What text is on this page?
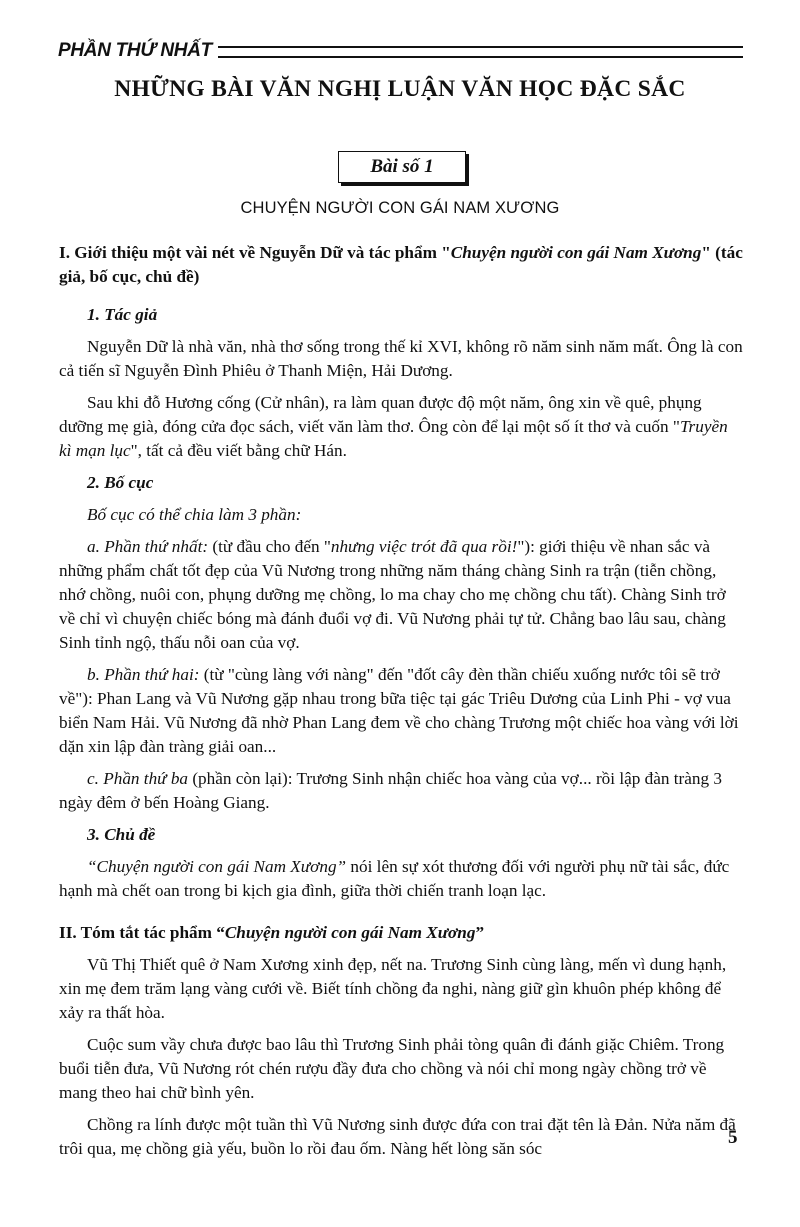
PHẦN THỨ NHẤT
NHỮNG BÀI VĂN NGHỊ LUẬN VĂN HỌC ĐẶC SẮC
Bài số 1
CHUYỆN NGƯỜI CON GÁI NAM XƯƠNG

I. Giới thiệu một vài nét về Nguyễn Dữ và tác phẩm "Chuyện người con gái Nam Xương" (tác giả, bố cục, chủ đề)

1. Tác giả

Nguyễn Dữ là nhà văn, nhà thơ sống trong thế kỉ XVI, không rõ năm sinh năm mất. Ông là con cả tiến sĩ Nguyễn Đình Phiêu ở Thanh Miện, Hải Dương.

Sau khi đỗ Hương cống (Cử nhân), ra làm quan được độ một năm, ông xin về quê, phụng dưỡng mẹ già, đóng cửa đọc sách, viết văn làm thơ. Ông còn để lại một số ít thơ và cuốn "Truyền kì mạn lục", tất cả đều viết bằng chữ Hán.

2. Bố cục

Bố cục có thể chia làm 3 phần:

a. Phần thứ nhất: (từ đầu cho đến "nhưng việc trót đã qua rồi!"): giới thiệu về nhan sắc và những phẩm chất tốt đẹp của Vũ Nương trong những năm tháng chàng Sinh ra trận (tiễn chồng, nhớ chồng, nuôi con, phụng dưỡng mẹ chồng, lo ma chay cho mẹ chồng chu tất). Chàng Sinh trở về chỉ vì chuyện chiếc bóng mà đánh đuổi vợ đi. Vũ Nương phải tự tử. Chẳng bao lâu sau, chàng Sinh tỉnh ngộ, thấu nỗi oan của vợ.

b. Phần thứ hai: (từ "cùng làng với nàng" đến "đốt cây đèn thần chiếu xuống nước tôi sẽ trở về"): Phan Lang và Vũ Nương gặp nhau trong bữa tiệc tại gác Triêu Dương của Linh Phi - vợ vua biển Nam Hải. Vũ Nương đã nhờ Phan Lang đem về cho chàng Trương một chiếc hoa vàng với lời dặn xin lập đàn tràng giải oan...

c. Phần thứ ba (phần còn lại): Trương Sinh nhận chiếc hoa vàng của vợ... rồi lập đàn tràng 3 ngày đêm ở bến Hoàng Giang.

3. Chủ đề

“Chuyện người con gái Nam Xương” nói lên sự xót thương đối với người phụ nữ tài sắc, đức hạnh mà chết oan trong bi kịch gia đình, giữa thời chiến tranh loạn lạc.

II. Tóm tắt tác phẩm “Chuyện người con gái Nam Xương”

Vũ Thị Thiết quê ở Nam Xương xinh đẹp, nết na. Trương Sinh cùng làng, mến vì dung hạnh, xin mẹ đem trăm lạng vàng cưới về. Biết tính chồng đa nghi, nàng giữ gìn khuôn phép không để xảy ra thất hòa.

Cuộc sum vầy chưa được bao lâu thì Trương Sinh phải tòng quân đi đánh giặc Chiêm. Trong buổi tiễn đưa, Vũ Nương rót chén rượu đầy đưa cho chồng và nói chỉ mong ngày chồng trở về mang theo hai chữ bình yên.

Chồng ra lính được một tuần thì Vũ Nương sinh được đứa con trai đặt tên là Đản. Nửa năm đã trôi qua, mẹ chồng già yếu, buồn lo rồi đau ốm. Nàng hết lòng săn sóc

5
